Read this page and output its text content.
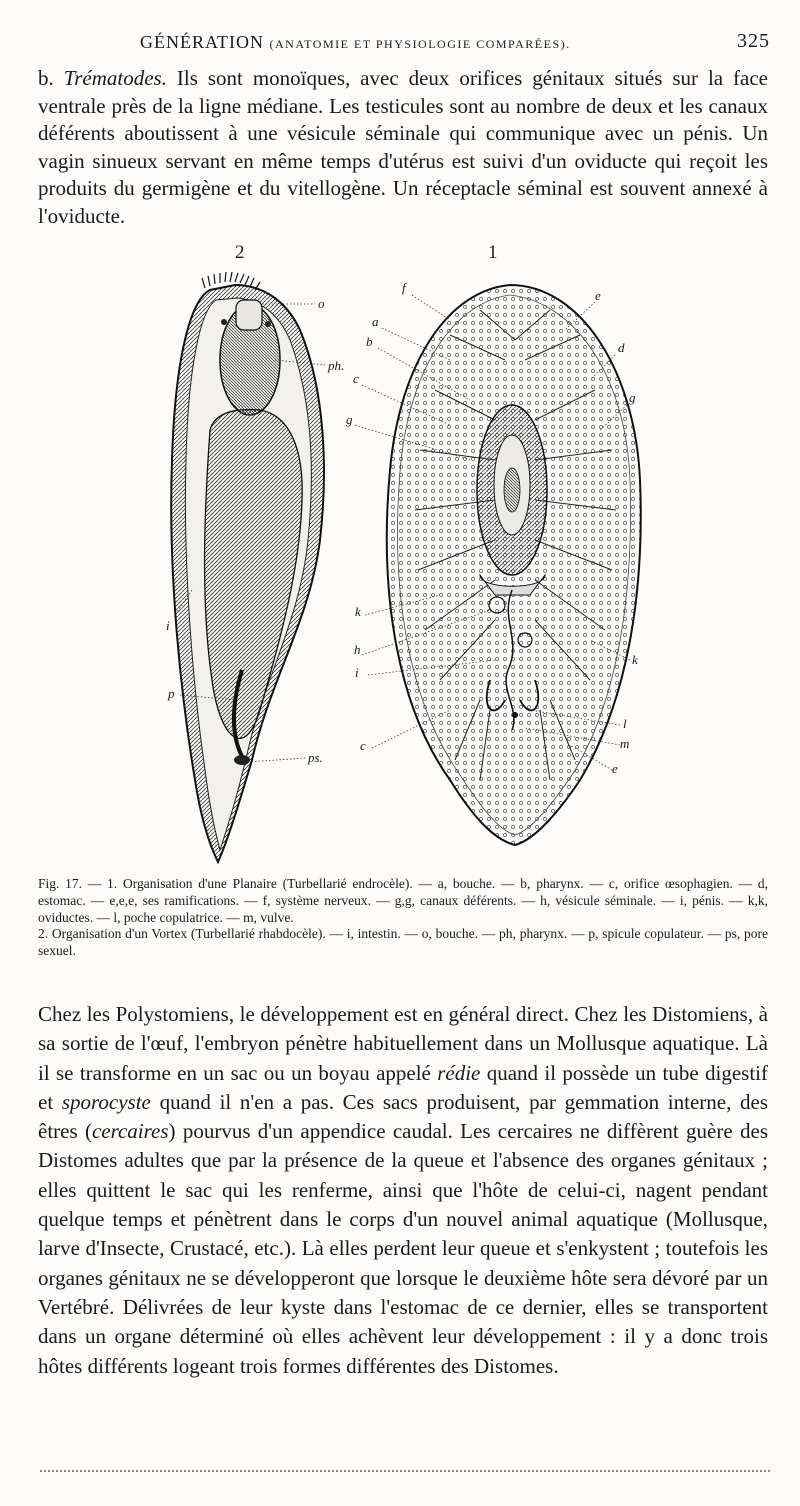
GÉNÉRATION (ANATOMIE ET PHYSIOLOGIE COMPARÉES).	325

b. Trématodes. Ils sont monoïques, avec deux orifices génitaux situés sur la face ventrale près de la ligne médiane. Les testicules sont au nombre de deux et les canaux déférents aboutissent à une vésicule séminale qui communique avec un pénis. Un vagin sinueux servant en même temps d'utérus est suivi d'un oviducte qui reçoit les produits du germigène et du vitellogène. Un réceptacle séminal est souvent annexé à l'oviducte.

2	1
o
ph.
i
p
ps.
f
e
a
b	d
c
g
g
k
h
i
k
l
c	m
e

Fig. 17. — 1. Organisation d'une Planaire (Turbellarié endrocèle). — a, bouche. — b, pharynx. — c, orifice œsophagien. — d, estomac. — e,e,e, ses ramifications. — f, système nerveux. — g,g, canaux déférents. — h, vésicule séminale. — i, pénis. — k,k, oviductes. — l, poche copulatrice. — m, vulve.

2. Organisation d'un Vortex (Turbellarié rhabdocèle). — i, intestin. — o, bouche. — ph, pharynx. — p, spicule copulateur. — ps, pore sexuel.

Chez les Polystomiens, le développement est en général direct. Chez les Distomiens, à sa sortie de l'œuf, l'embryon pénètre habituellement dans un Mollusque aquatique. Là il se transforme en un sac ou un boyau appelé rédie quand il possède un tube digestif et sporocyste quand il n'en a pas. Ces sacs produisent, par gemmation interne, des êtres (cercaires) pourvus d'un appendice caudal. Les cercaires ne diffèrent guère des Distomes adultes que par la présence de la queue et l'absence des organes génitaux ; elles quittent le sac qui les renferme, ainsi que l'hôte de celui-ci, nagent pendant quelque temps et pénètrent dans le corps d'un nouvel animal aquatique (Mollusque, larve d'Insecte, Crustacé, etc.). Là elles perdent leur queue et s'enkystent ; toutefois les organes génitaux ne se développeront que lorsque le deuxième hôte sera dévoré par un Vertébré. Délivrées de leur kyste dans l'estomac de ce dernier, elles se transportent dans un organe déterminé où elles achèvent leur développement : il y a donc trois hôtes différents logeant trois formes différentes des Distomes.
